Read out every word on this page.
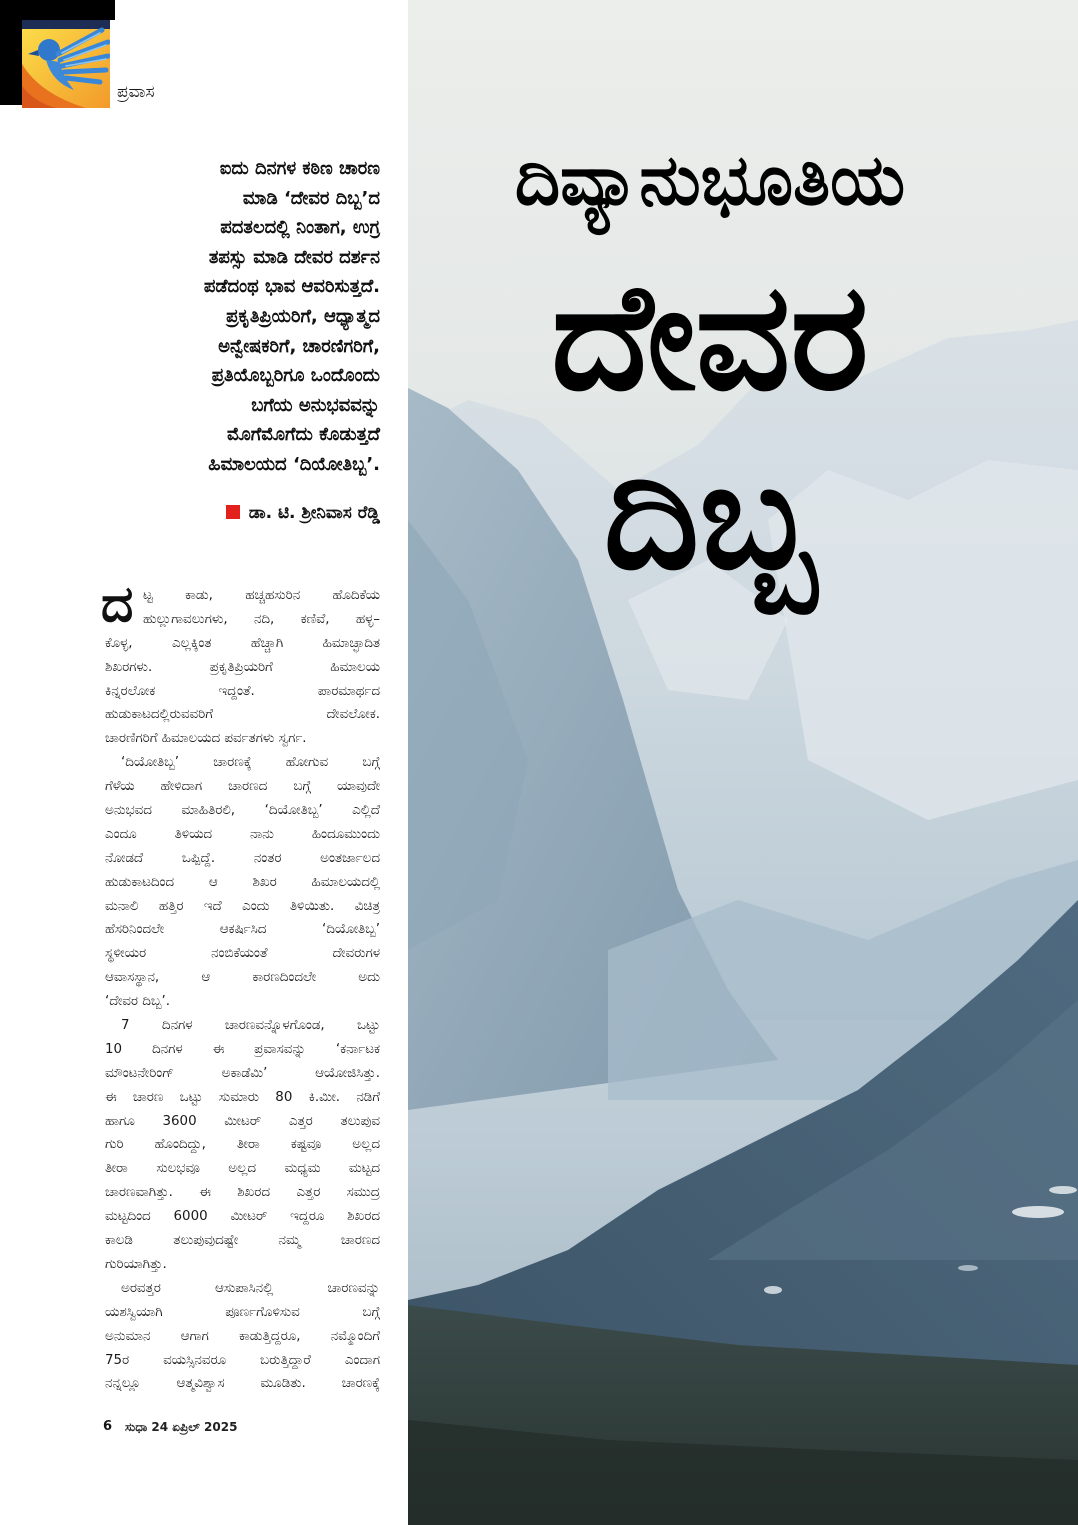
ಪ್ರವಾಸ
ಐದು ದಿನಗಳ ಕಠಿಣ ಚಾರಣ
ಮಾಡಿ ‘ದೇವರ ದಿಬ್ಬ’ದ
ಪದತಲದಲ್ಲಿ ನಿಂತಾಗ, ಉಗ್ರ
ತಪಸ್ಸು ಮಾಡಿ ದೇವರ ದರ್ಶನ
ಪಡೆದಂಥ ಭಾವ ಆವರಿಸುತ್ತದೆ.
ಪ್ರಕೃತಿಪ್ರಿಯರಿಗೆ, ಆಧ್ಯಾತ್ಮದ
ಅನ್ವೇಷಕರಿಗೆ, ಚಾರಣಿಗರಿಗೆ,
ಪ್ರತಿಯೊಬ್ಬರಿಗೂ ಒಂದೊಂದು
ಬಗೆಯ ಅನುಭವವನ್ನು
ಮೊಗೆಮೊಗೆದು ಕೊಡುತ್ತದೆ
ಹಿಮಾಲಯದ ‘ದಿಯೋತಿಬ್ಬ’.
ಡಾ. ಟಿ. ಶ್ರೀನಿವಾಸ ರೆಡ್ಡಿ
ದ ಟ್ಟ ಕಾಡು, ಹಚ್ಚಹಸುರಿನ ಹೊದಿಕೆಯ
ಹುಲ್ಲುಗಾವಲುಗಳು, ನದಿ, ಕಣಿವೆ, ಹಳ್ಳ–
ಕೊಳ್ಳ, ಎಲ್ಲಕ್ಕಿಂತ ಹೆಚ್ಚಾಗಿ ಹಿಮಾಚ್ಛಾದಿತ
ಶಿಖರಗಳು. ಪ್ರಕೃತಿಪ್ರಿಯರಿಗೆ ಹಿಮಾಲಯ
ಕಿನ್ನರಲೋಕ ಇದ್ದಂತೆ. ಪಾರಮಾರ್ಥದ
ಹುಡುಕಾಟದಲ್ಲಿರುವವರಿಗೆ ದೇವಲೋಕ.
ಚಾರಣಿಗರಿಗೆ ಹಿಮಾಲಯದ ಪರ್ವತಗಳು ಸ್ವರ್ಗ.
‘ದಿಯೋತಿಬ್ಬ’ ಚಾರಣಕ್ಕೆ ಹೋಗುವ ಬಗ್ಗೆ
ಗೆಳೆಯ ಹೇಳಿದಾಗ ಚಾರಣದ ಬಗ್ಗೆ ಯಾವುದೇ
ಅನುಭವದ ಮಾಹಿತಿರಲಿ, ‘ದಿಯೋತಿಬ್ಬ’ ಎಲ್ಲಿದೆ
ಎಂದೂ ತಿಳಿಯದ ನಾನು ಹಿಂದೂಮುಂದು
ನೋಡದೆ ಒಪ್ಪಿದ್ದೆ. ನಂತರ ಅಂತರ್ಜಾಲದ
ಹುಡುಕಾಟದಿಂದ ಆ ಶಿಖರ ಹಿಮಾಲಯದಲ್ಲಿ
ಮನಾಲಿ ಹತ್ತಿರ ಇದೆ ಎಂದು ತಿಳಿಯಿತು. ವಿಚಿತ್ರ
ಹೆಸರಿನಿಂದಲೇ ಆಕರ್ಷಿಸಿದ ‘ದಿಯೋತಿಬ್ಬ’
ಸ್ಥಳೀಯರ ನಂಬಿಕೆಯಂತೆ ದೇವರುಗಳ
ಆವಾಸಸ್ಥಾನ, ಆ ಕಾರಣದಿಂದಲೇ ಅದು
‘ದೇವರ ದಿಬ್ಬ’.
7 ದಿನಗಳ ಚಾರಣವನ್ನೊಳಗೊಂಡ, ಒಟ್ಟು
10 ದಿನಗಳ ಈ ಪ್ರವಾಸವನ್ನು ‘ಕರ್ನಾಟಕ
ಮೌಂಟನೇರಿಂಗ್ ಅಕಾಡೆಮಿ’ ಆಯೋಜಿಸಿತ್ತು.
ಈ ಚಾರಣ ಒಟ್ಟು ಸುಮಾರು 80 ಕಿ.ಮೀ. ನಡಿಗೆ
ಹಾಗೂ 3600 ಮೀಟರ್ ಎತ್ತರ ತಲುಪುವ
ಗುರಿ ಹೊಂದಿದ್ದು, ತೀರಾ ಕಷ್ಟವೂ ಅಲ್ಲದ
ತೀರಾ ಸುಲಭವೂ ಅಲ್ಲದ ಮಧ್ಯಮ ಮಟ್ಟದ
ಚಾರಣವಾಗಿತ್ತು. ಈ ಶಿಖರದ ಎತ್ತರ ಸಮುದ್ರ
ಮಟ್ಟದಿಂದ 6000 ಮೀಟರ್ ಇದ್ದರೂ ಶಿಖರದ
ಕಾಲಡಿ ತಲುಪುವುದಷ್ಟೇ ನಮ್ಮ ಚಾರಣದ
ಗುರಿಯಾಗಿತ್ತು.
ಅರವತ್ತರ ಆಸುಪಾಸಿನಲ್ಲಿ ಚಾರಣವನ್ನು
ಯಶಸ್ವಿಯಾಗಿ ಪೂರ್ಣಗೊಳಿಸುವ ಬಗ್ಗೆ
ಅನುಮಾನ ಆಗಾಗ ಕಾಡುತ್ತಿದ್ದರೂ, ನಮ್ಮೊಂದಿಗೆ
75ರ ವಯಸ್ಸಿನವರೂ ಬರುತ್ತಿದ್ದಾರೆ ಎಂದಾಗ
ನನ್ನಲ್ಲೂ ಆತ್ಮವಿಶ್ವಾಸ ಮೂಡಿತು. ಚಾರಣಕ್ಕೆ
6 ಸುಧಾ 24 ಏಪ್ರಿಲ್ 2025
ದಿವ್ಯಾನುಭೂತಿಯ
ದೇವರ
ದಿಬ್ಬ
